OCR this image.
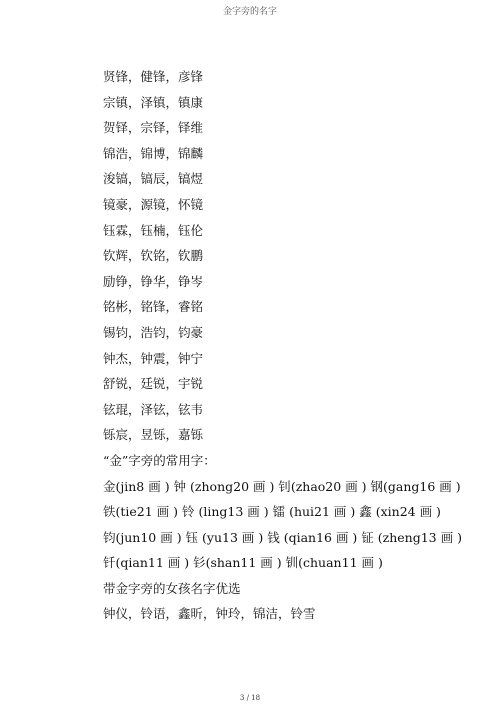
金字旁的名字
贤锋，健锋，彦锋
宗镇，泽镇，镇康
贺铎，宗铎，铎维
锦浩，锦博，锦麟
浚镐，镐辰，镐煜
镜豪，源镜，怀镜
钰霖，钰楠，钰伦
钦辉，钦铭，钦鹏
励铮，铮华，铮岑
铭彬，铭锋，睿铭
锡钧，浩钧，钧豪
钟杰，钟震，钟宁
舒锐，廷锐，宇锐
铉琨，泽铉，铉韦
铄宸，昱铄，嘉铄
“金”字旁的常用字：
金(jin8 画 ) 钟 (zhong20 画 ) 钊(zhao20 画 ) 钢(gang16 画 )
铁(tie21 画 ) 铃 (ling13 画 ) 镭 (hui21 画 ) 鑫 (xin24 画 )
钧(jun10 画 ) 钰 (yu13 画 ) 钱 (qian16 画 ) 钲 (zheng13 画 )
钎(qian11 画 ) 钐(shan11 画 ) 钏(chuan11 画 )
带金字旁的女孩名字优选
钟仪，铃语，鑫昕，钟玲，锦洁，铃雪
3 / 18
